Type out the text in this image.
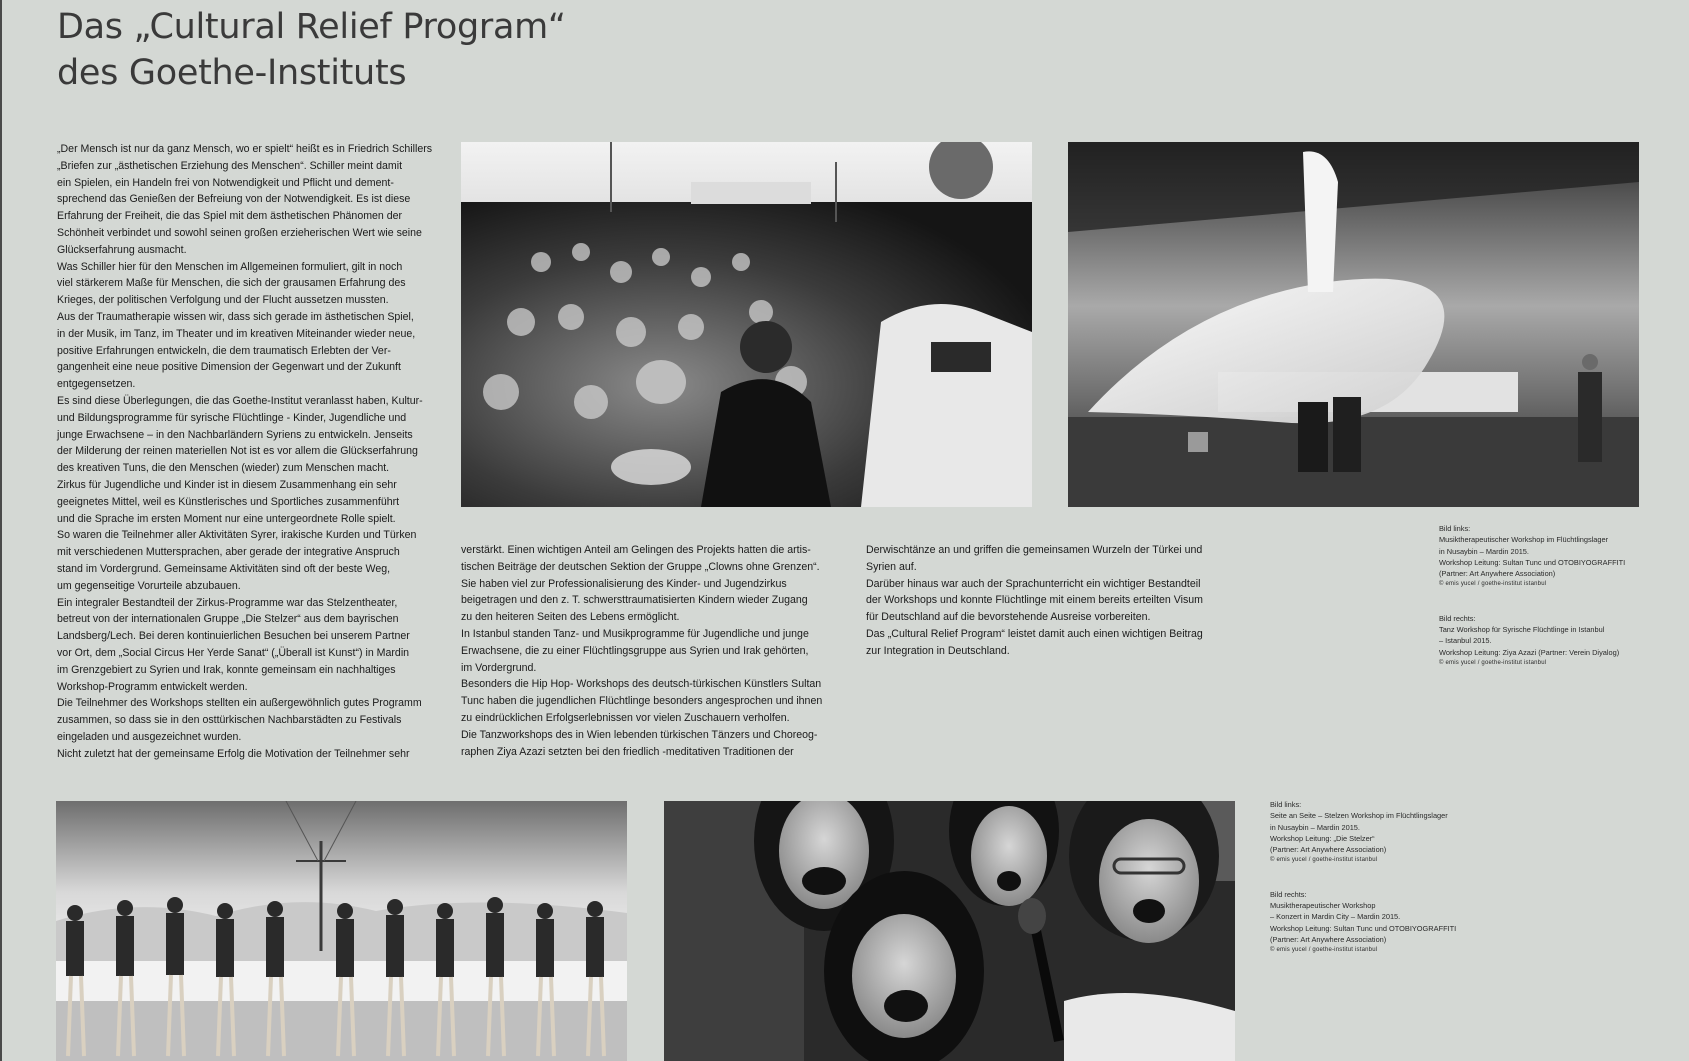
Das „Cultural Relief Program“
des Goethe-Instituts

„Der Mensch ist nur da ganz Mensch, wo er spielt“ heißt es in Friedrich Schillers
„Briefen zur „ästhetischen Erziehung des Menschen“. Schiller meint damit
ein Spielen, ein Handeln frei von Notwendigkeit und Pflicht und dement-
sprechend das Genießen der Befreiung von der Notwendigkeit. Es ist diese
Erfahrung der Freiheit, die das Spiel mit dem ästhetischen Phänomen der
Schönheit verbindet und sowohl seinen großen erzieherischen Wert wie seine
Glückserfahrung ausmacht.
Was Schiller hier für den Menschen im Allgemeinen formuliert, gilt in noch
viel stärkerem Maße für Menschen, die sich der grausamen Erfahrung des
Krieges, der politischen Verfolgung und der Flucht aussetzen mussten.
Aus der Traumatherapie wissen wir, dass sich gerade im ästhetischen Spiel,
in der Musik, im Tanz, im Theater und im kreativen Miteinander wieder neue,
positive Erfahrungen entwickeln, die dem traumatisch Erlebten der Ver-
gangenheit eine neue positive Dimension der Gegenwart und der Zukunft
entgegensetzen.
Es sind diese Überlegungen, die das Goethe-Institut veranlasst haben, Kultur-
und Bildungsprogramme für syrische Flüchtlinge - Kinder, Jugendliche und
junge Erwachsene – in den Nachbarländern Syriens zu entwickeln. Jenseits
der Milderung der reinen materiellen Not ist es vor allem die Glückserfahrung
des kreativen Tuns, die den Menschen (wieder) zum Menschen macht.
Zirkus für Jugendliche und Kinder ist in diesem Zusammenhang ein sehr
geeignetes Mittel, weil es Künstlerisches und Sportliches zusammenführt
und die Sprache im ersten Moment nur eine untergeordnete Rolle spielt.
So waren die Teilnehmer aller Aktivitäten Syrer, irakische Kurden und Türken
mit verschiedenen Muttersprachen, aber gerade der integrative Anspruch
stand im Vordergrund. Gemeinsame Aktivitäten sind oft der beste Weg,
um gegenseitige Vorurteile abzubauen.
Ein integraler Bestandteil der Zirkus-Programme war das Stelzentheater,
betreut von der internationalen Gruppe „Die Stelzer“ aus dem bayrischen
Landsberg/Lech. Bei deren kontinuierlichen Besuchen bei unserem Partner
vor Ort, dem „Social Circus Her Yerde Sanat“ („Überall ist Kunst“) in Mardin
im Grenzgebiert zu Syrien und Irak, konnte gemeinsam ein nachhaltiges
Workshop-Programm entwickelt werden.
Die Teilnehmer des Workshops stellten ein außergewöhnlich gutes Programm
zusammen, so dass sie in den osttürkischen Nachbarstädten zu Festivals
eingeladen und ausgezeichnet wurden.
Nicht zuletzt hat der gemeinsame Erfolg die Motivation der Teilnehmer sehr

verstärkt. Einen wichtigen Anteil am Gelingen des Projekts hatten die artis-
tischen Beiträge der deutschen Sektion der Gruppe „Clowns ohne Grenzen“.
Sie haben viel zur Professionalisierung des Kinder- und Jugendzirkus
beigetragen und den z. T. schwersttraumatisierten Kindern wieder Zugang
zu den heiteren Seiten des Lebens ermöglicht.
In Istanbul standen Tanz- und Musikprogramme für Jugendliche und junge
Erwachsene, die zu einer Flüchtlingsgruppe aus Syrien und Irak gehörten,
im Vordergrund.
Besonders die Hip Hop- Workshops des deutsch-türkischen Künstlers Sultan
Tunc haben die jugendlichen Flüchtlinge besonders angesprochen und ihnen
zu eindrücklichen Erfolgserlebnissen vor vielen Zuschauern verholfen.
Die Tanzworkshops des in Wien lebenden türkischen Tänzers und Choreog-
raphen Ziya Azazi setzten bei den friedlich -meditativen Traditionen der

Derwischtänze an und griffen die gemeinsamen Wurzeln der Türkei und
Syrien auf.
Darüber hinaus war auch der Sprachunterricht ein wichtiger Bestandteil
der Workshops und konnte Flüchtlinge mit einem bereits erteilten Visum
für Deutschland auf die bevorstehende Ausreise vorbereiten.
Das „Cultural Relief Program“ leistet damit auch einen wichtigen Beitrag
zur Integration in Deutschland.

Bild links:
Musiktherapeutischer Workshop im Flüchtlingslager
in Nusaybin – Mardin 2015.
Workshop Leitung: Sultan Tunc und OTOBIYOGRAFFITI
(Partner: Art Anywhere Association)
© emis yucel / goethe-institut istanbul
Bild rechts:
Tanz Workshop für Syrische Flüchtlinge in Istanbul
– Istanbul 2015.
Workshop Leitung: Ziya Azazi (Partner: Verein Diyalog)
© emis yucel / goethe-institut istanbul
Bild links:
Seite an Seite – Stelzen Workshop im Flüchtlingslager
in Nusaybin – Mardin 2015.
Workshop Leitung: „Die Stelzer“
(Partner: Art Anywhere Association)
© emis yucel / goethe-institut istanbul
Bild rechts:
Musiktherapeutischer Workshop
– Konzert in Mardin City – Mardin 2015.
Workshop Leitung: Sultan Tunc und OTOBIYOGRAFFITI
(Partner: Art Anywhere Association)
© emis yucel / goethe-institut istanbul
